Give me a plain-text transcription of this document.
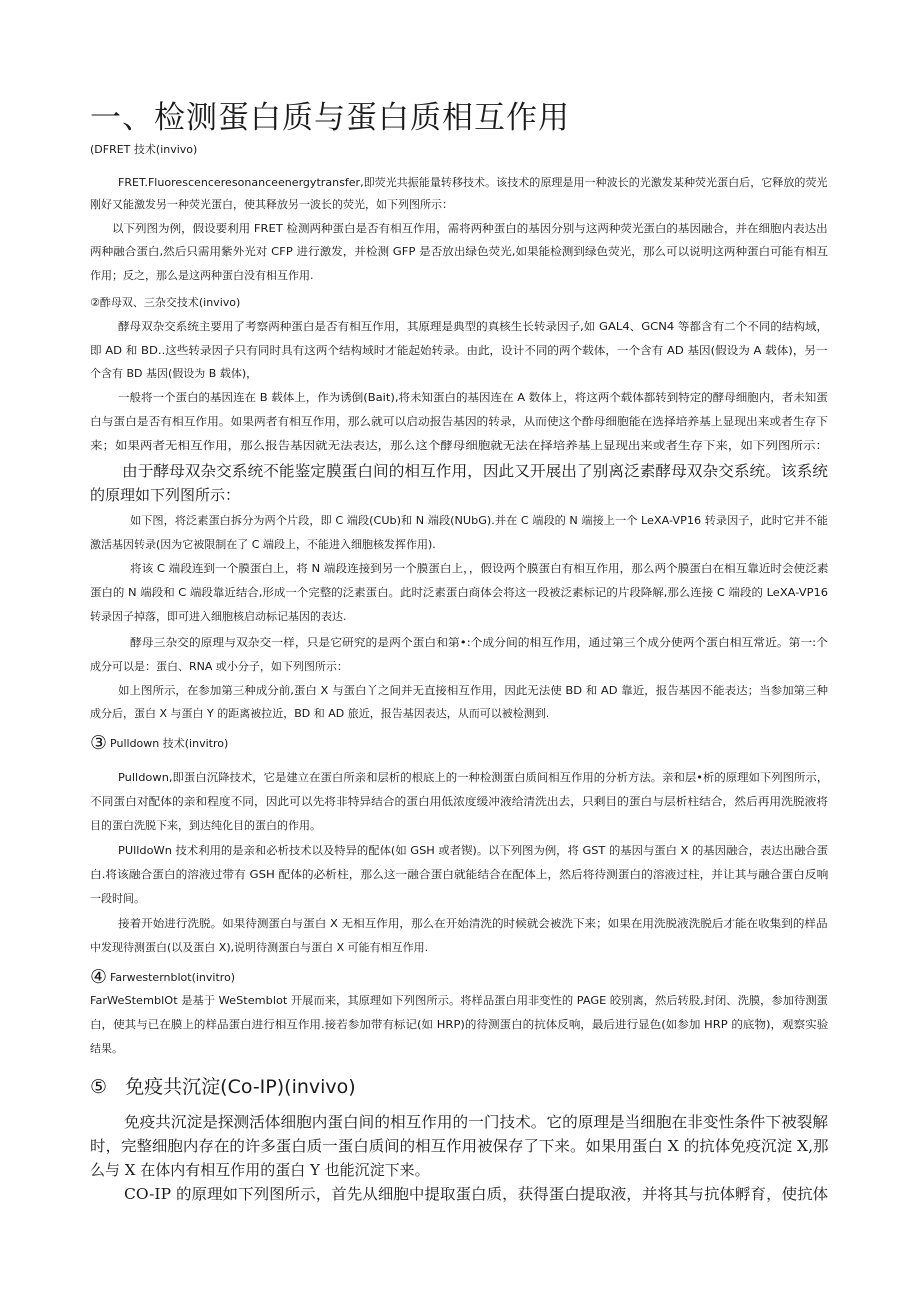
一、检测蛋白质与蛋白质相互作用
(DFRET 技术(invivo)
FRET.Fluorescenceresonanceenergytransfer,即荧光共振能量转移技术。该技术的原理是用一种波长的光激发某种荧光蛋白后，它释放的荧光
刚好又能激发另一种荧光蛋白，使其释放另一波长的荧光，如下列图所示：
以下列图为例，假设要利用 FRET 检测两种蛋白是否有相互作用，需将两种蛋白的基因分别与这两种荧光蛋白的基因融合，并在细胞内表达出
两种融合蛋白,然后只需用紫外光对 CFP 进行激发，并检测 GFP 是否放出绿色荧光,如果能检测到绿色荧光，那么可以说明这两种蛋白可能有相互
作用；反之，那么是这两种蛋白没有相互作用.
②酢母双、三杂交技术(invivo)
酵母双杂交系统主要用了考察两种蛋白是否有相互作用，其原理是典型的真核生长转录因子,如 GAL4、GCN4 等都含有二个不同的结构域，
即 AD 和 BD..这些转录因子只有同时具有这两个结构域时才能起始转录。由此，设计不同的两个载体，一个含有 AD 基因(假设为 A 载体)，另一
个含有 BD 基因(假设为 B 载体)，
一般将一个蛋白的基因连在 B 载体上，作为诱倒(Bait),将未知蛋白的基因连在 A 数体上，将这两个载体都转到特定的酵母细胞内，者未知蛋
白与蛋白是否有相互作用。如果两者有相互作用，那么就可以启动报告基因的转录，从而使这个酢母细胞能在选择培养基上显现出来或者生存下
来；如果两者无相互作用，那么报告基因就无法表达，那么这个酵母细胞就无法在择培养基上显现出来或者生存下来，如下列图所示：
由于酵母双杂交系统不能鉴定膜蛋白间的相互作用，因此又开展出了别离泛素酵母双杂交系统。该系统
的原理如下列图所示：
如下图，将泛素蛋白拆分为两个片段，即 C 端段(CUb)和 N 端段(NUbG).并在 C 端段的 N 端接上一个 LeXA-VP16 转录因子，此时它并不能
激活基因转录(因为它被限制在了 C 端段上，不能进入细胞核发挥作用).
将该 C 端段连到一个膜蛋白上，将 N 端段连接到另一个膜蛋白上，，假设两个膜蛋白有相互作用，那么两个膜蛋白在相互靠近时会使泛素
蛋白的 N 端段和 C 端段靠近结合,形成一个完整的泛素蛋白。此时泛素蛋白商体会将这一段被泛素标记的片段降解,那么连接 C 端段的 LeXA-VP16
转录因子掉落，即可进入细胞核启动标记基因的表达.
酵母三杂交的原理与双杂交一样，只是它研究的是两个蛋白和第•:个成分间的相互作用，通过第三个成分使两个蛋白相互常近。第一:个
成分可以是：蛋白、RNA 或小分子，如下列图所示：
如上图所示，在参加第三种成分前,蛋白 X 与蛋白丫之间并无直接相互作用，因此无法使 BD 和 AD 靠近，报告基因不能表达；当参加第三种
成分后，蛋白 X 与蛋白 Y 的距离被拉近，BD 和 AD 旅近，报告基因表达，从而可以被检测到.
③ Pulldown 技术(invitro)
Pulldown,即蛋白沉降技术，它是建立在蛋白所亲和层析的根底上的一种检测蛋白质间相互作用的分析方法。亲和层•析的原理如下列图所示，
不同蛋白对配体的亲和程度不同，因此可以先将非特异结合的蛋白用低浓度缓冲液给清洗出去，只剩目的蛋白与层析柱结合，然后再用洗脱液将
目的蛋白洗脱下来，到达纯化目的蛋白的作用。
PUlldoWn 技术利用的是亲和必析技术以及特异的配体(如 GSH 或者锲)。以下列图为例，将 GST 的基因与蛋白 X 的基因融合，表达出融合蛋
白.将该融合蛋白的溶液过带有 GSH 配体的必析柱，那么这一融合蛋白就能结合在配体上，然后将待测蛋白的溶液过柱，并让其与融合蛋白反响
一段时间。
接着开始进行洗脱。如果待测蛋白与蛋白 X 无相互作用，那么在开始清洗的时候就会被洗下来；如果在用洗脱液洗脱后才能在收集到的样品
中发现待测蛋白(以及蛋白 X),说明待测蛋白与蛋白 X 可能有相互作用.
④ Farwesternblot(invitro)
FarWeStemblOt 是基于 WeStemblot 开展而来，其原理如下列图所示。将样品蛋白用非变性的 PAGE 皎别离，然后转股,封闭、洗膜，参加待测蛋
白，使其与已在膜上的样品蛋白进行相互作用.接若参加带有标记(如 HRP)的待测蛋白的抗体反响，最后进行显色(如参加 HRP 的底物)，观察实验
结果。
⑤ 免疫共沉淀(Co-IP)(invivo)
免疫共沉淀是探测活体细胞内蛋白间的相互作用的一门技术。它的原理是当细胞在非变性条件下被裂解
时，完整细胞内存在的许多蛋白质一蛋白质间的相互作用被保存了下来。如果用蛋白 X 的抗体免疫沉淀 X,那
么与 X 在体内有相互作用的蛋白 Y 也能沉淀下来。
CO-IP 的原理如下列图所示，首先从细胞中提取蛋白质，获得蛋白提取液，并将其与抗体孵育，使抗体
